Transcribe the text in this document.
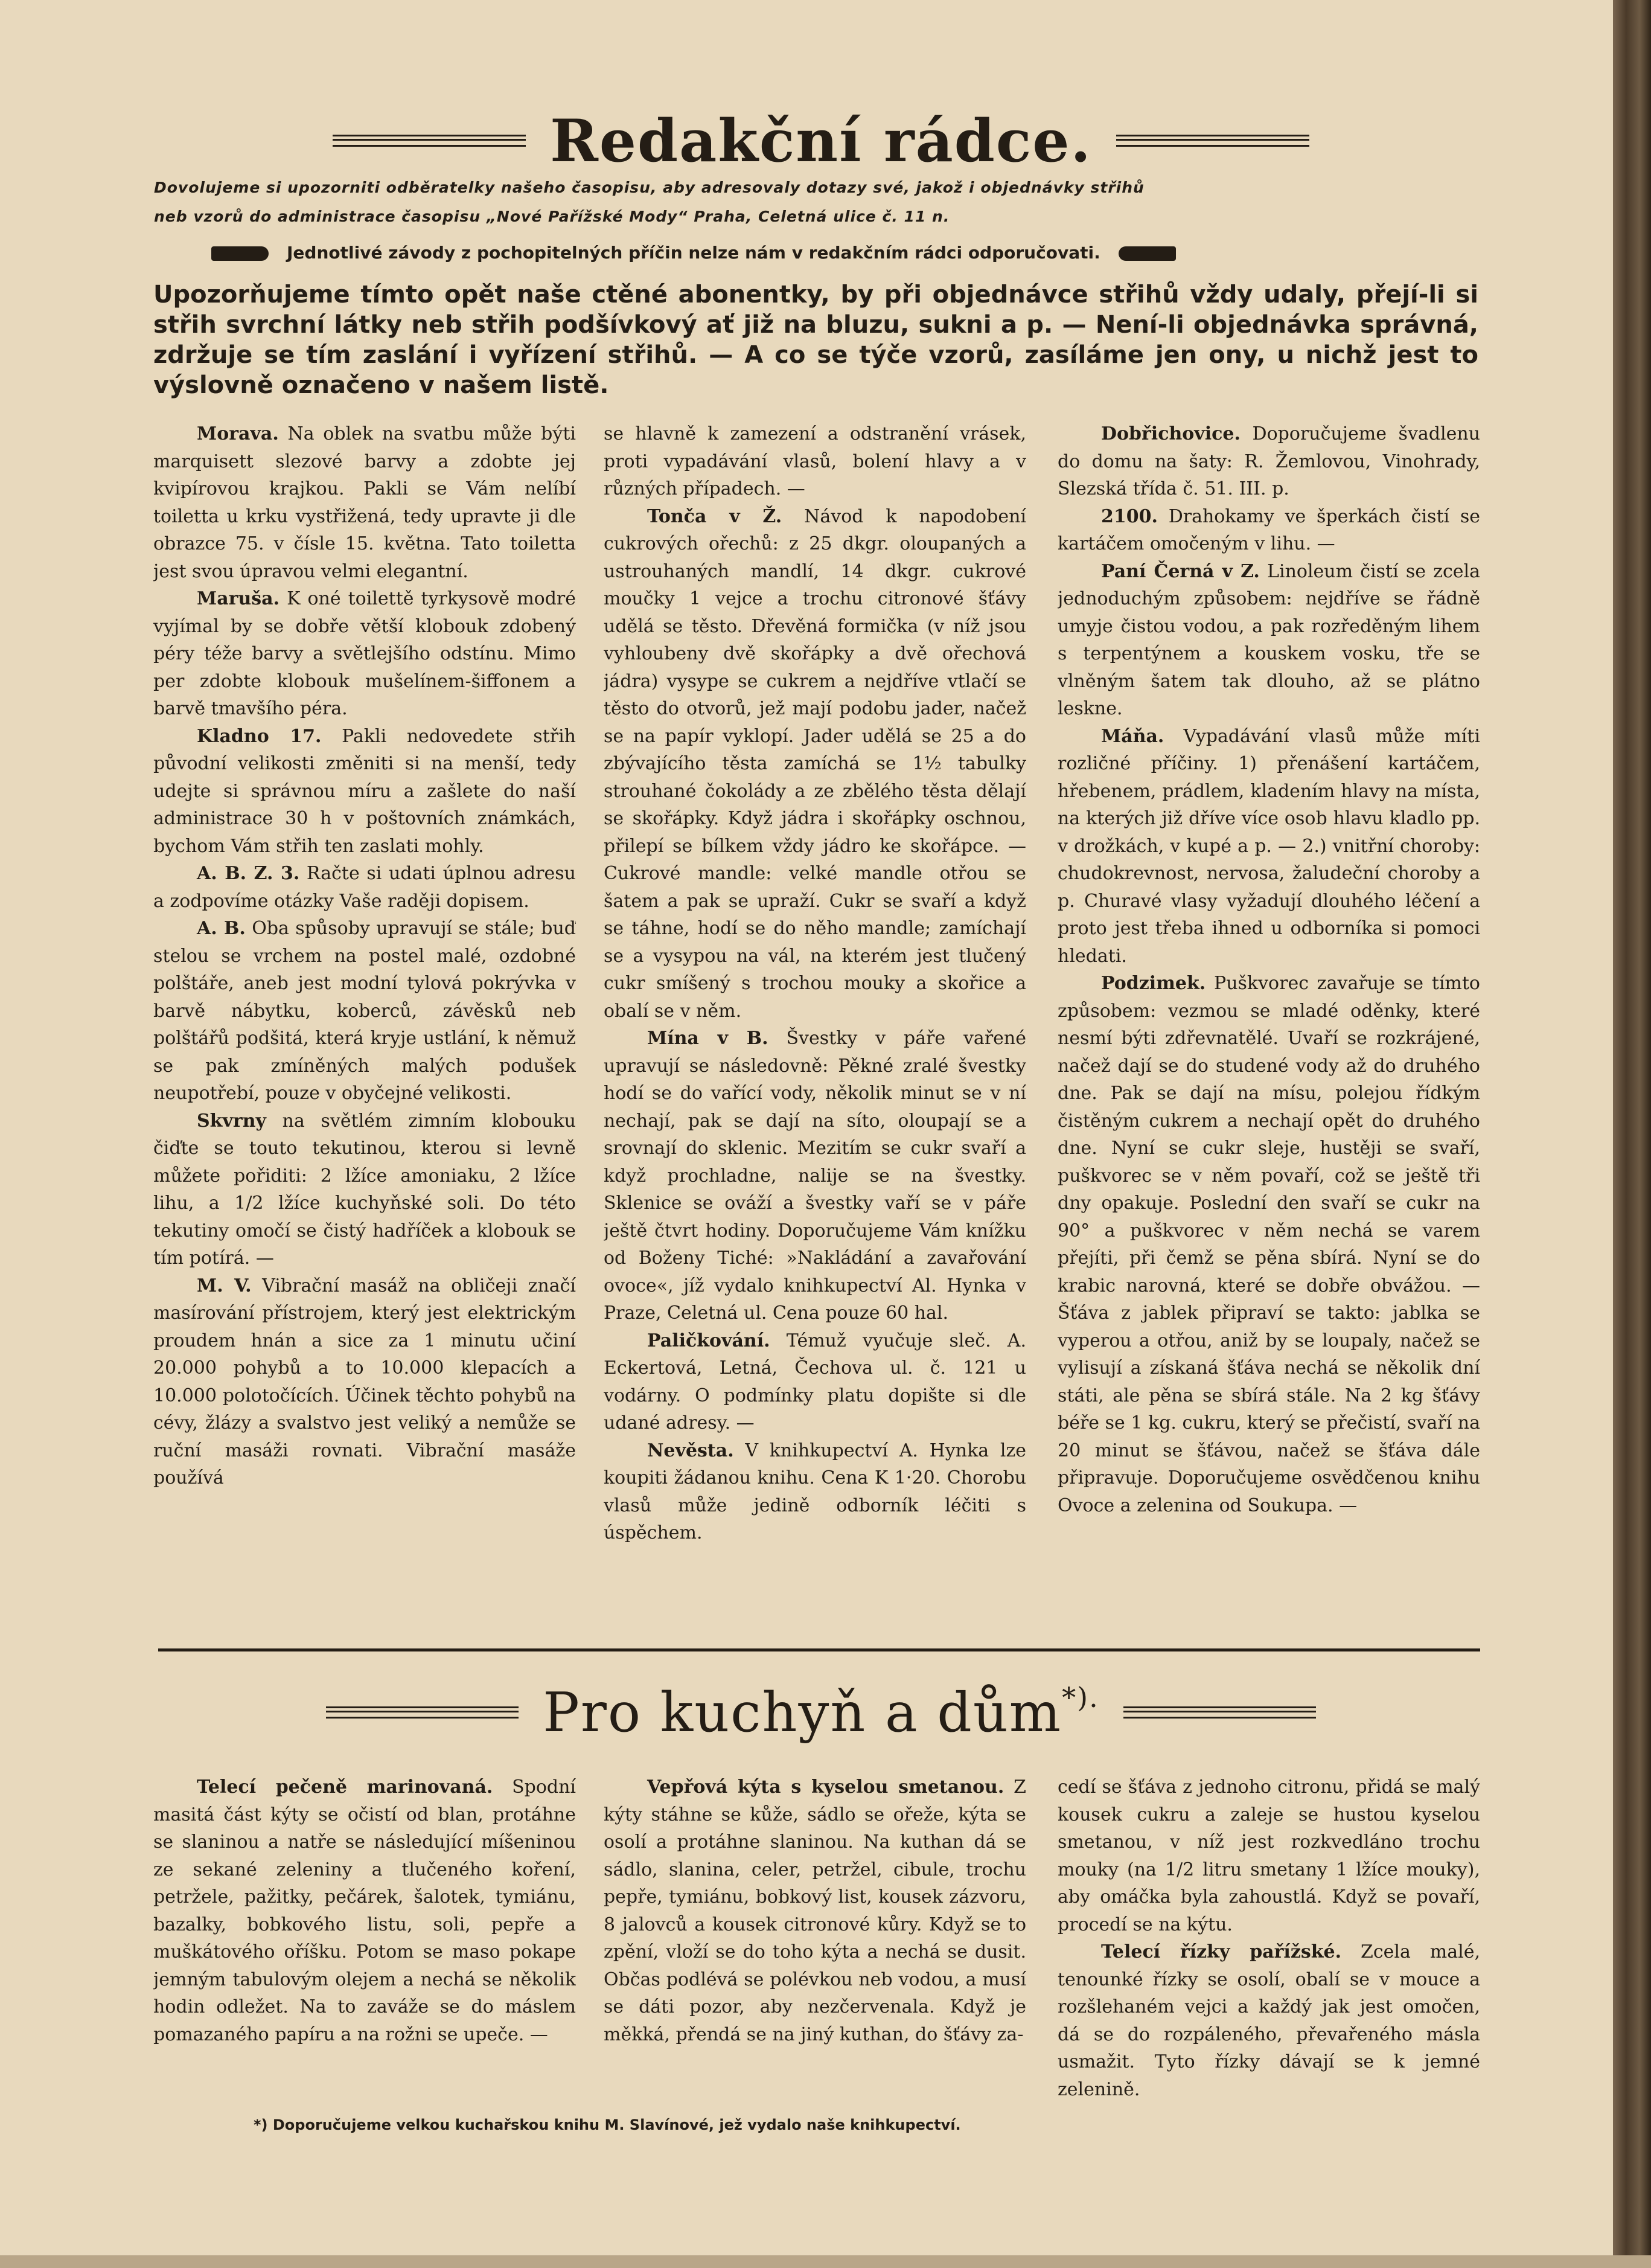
Redakční rádce.
Dovolujeme si upozorniti odběratelky našeho časopisu, aby adresovaly dotazy své, jakož i objednávky střihů
neb vzorů do administrace časopisu „Nové Pařížské Mody“ Praha, Celetná ulice č. 11 n.
Jednotlivé závody z pochopitelných příčin nelze nám v redakčním rádci odporučovati.
Upozorňujeme tímto opět naše ctěné abonentky, by při objednávce střihů vždy udaly, přejí-li si střih svrchní látky neb střih podšívkový ať již na bluzu, sukni a p. — Není-li objednávka správná, zdržuje se tím zaslání i vyřízení střihů. — A co se týče vzorů, zasíláme jen ony, u nichž jest to výslovně označeno v našem listě.

Morava. Na oblek na svatbu může býti marquisett slezové barvy a zdobte jej kvipírovou krajkou. Pakli se Vám nelíbí toiletta u krku vystřižená, tedy upravte ji dle obrazce 75. v čísle 15. května. Tato toiletta jest svou úpravou velmi elegantní.

Maruša. K oné toilettě tyrkysově modré vyjímal by se dobře větší klobouk zdobený péry téže barvy a světlejšího odstínu. Mimo per zdobte klobouk mušelínem-šiffonem a barvě tmavšího péra.

Kladno 17. Pakli nedovedete střih původní velikosti změniti si na menší, tedy udejte si správnou míru a zašlete do naší administrace 30 h v poštovních známkách, bychom Vám střih ten zaslati mohly.

A. B. Z. 3. Račte si udati úplnou adresu a zodpovíme otázky Vaše raději dopisem.

A. B. Oba spůsoby upravují se stále; buď stelou se vrchem na postel malé, ozdobné polštáře, aneb jest modní tylová pokrývka v barvě nábytku, koberců, závěsků neb polštářů podšitá, která kryje ustlání, k němuž se pak zmíněných malých podušek neupotřebí, pouze v obyčejné velikosti.

Skvrny na světlém zimním klobouku čiďte se touto tekutinou, kterou si levně můžete pořiditi: 2 lžíce amoniaku, 2 lžíce lihu, a 1/2 lžíce kuchyňské soli. Do této tekutiny omočí se čistý hadříček a klobouk se tím potírá. —

M. V. Vibrační masáž na obličeji značí masírování přístrojem, který jest elektrickým proudem hnán a sice za 1 minutu učiní 20.000 pohybů a to 10.000 klepacích a 10.000 polotočících. Účinek těchto pohybů na cévy, žlázy a svalstvo jest veliký a nemůže se ruční masáži rovnati. Vibrační masáže používá

se hlavně k zamezení a odstranění vrásek, proti vypadávání vlasů, bolení hlavy a v různých případech. —

Tonča v Ž. Návod k napodobení cukrových ořechů: z 25 dkgr. oloupaných a ustrouhaných mandlí, 14 dkgr. cukrové moučky 1 vejce a trochu citronové šťávy udělá se těsto. Dřevěná formička (v níž jsou vyhloubeny dvě skořápky a dvě ořechová jádra) vysype se cukrem a nejdříve vtlačí se těsto do otvorů, jež mají podobu jader, načež se na papír vyklopí. Jader udělá se 25 a do zbývajícího těsta zamíchá se 1½ tabulky strouhané čokolády a ze zbělého těsta dělají se skořápky. Když jádra i skořápky oschnou, přilepí se bílkem vždy jádro ke skořápce. — Cukrové mandle: velké mandle otřou se šatem a pak se upraží. Cukr se svaří a když se táhne, hodí se do něho mandle; zamíchají se a vysypou na vál, na kterém jest tlučený cukr smíšený s trochou mouky a skořice a obalí se v něm.

Mína v B. Švestky v páře vařené upravují se následovně: Pěkné zralé švestky hodí se do vařící vody, několik minut se v ní nechají, pak se dají na síto, oloupají se a srovnají do sklenic. Mezitím se cukr svaří a když prochladne, nalije se na švestky. Sklenice se ováží a švestky vaří se v páře ještě čtvrt hodiny. Doporučujeme Vám knížku od Boženy Tiché: »Nakládání a zavařování ovoce«, jíž vydalo knihkupectví Al. Hynka v Praze, Celetná ul. Cena pouze 60 hal.

Paličkování. Témuž vyučuje sleč. A. Eckertová, Letná, Čechova ul. č. 121 u vodárny. O podmínky platu dopište si dle udané adresy. —

Nevěsta. V knihkupectví A. Hynka lze koupiti žádanou knihu. Cena K 1·20. Chorobu vlasů může jedině odborník léčiti s úspěchem.

Dobřichovice. Doporučujeme švadlenu do domu na šaty: R. Žemlovou, Vinohrady, Slezská třída č. 51. III. p.

2100. Drahokamy ve šperkách čistí se kartáčem omočeným v lihu. —

Paní Černá v Z. Linoleum čistí se zcela jednoduchým způsobem: nejdříve se řádně umyje čistou vodou, a pak rozředěným lihem s terpentýnem a kouskem vosku, tře se vlněným šatem tak dlouho, až se plátno leskne.

Máňa. Vypadávání vlasů může míti rozličné příčiny. 1) přenášení kartáčem, hřebenem, prádlem, kladením hlavy na místa, na kterých již dříve více osob hlavu kladlo pp. v drožkách, v kupé a p. — 2.) vnitřní choroby: chudokrevnost, nervosa, žaludeční choroby a p. Churavé vlasy vyžadují dlouhého léčení a proto jest třeba ihned u odborníka si pomoci hledati.

Podzimek. Puškvorec zavařuje se tímto způsobem: vezmou se mladé oděnky, které nesmí býti zdřevnatělé. Uvaří se rozkrájené, načež dají se do studené vody až do druhého dne. Pak se dají na mísu, polejou řídkým čistěným cukrem a nechají opět do druhého dne. Nyní se cukr sleje, hustěji se svaří, puškvorec se v něm povaří, což se ještě tři dny opakuje. Poslední den svaří se cukr na 90° a puškvorec v něm nechá se varem přejíti, při čemž se pěna sbírá. Nyní se do krabic narovná, které se dobře obvážou. — Šťáva z jablek připraví se takto: jablka se vyperou a otřou, aniž by se loupaly, načež se vylisují a získaná šťáva nechá se několik dní státi, ale pěna se sbírá stále. Na 2 kg šťávy béře se 1 kg. cukru, který se přečistí, svaří na 20 minut se šťávou, načež se šťáva dále připravuje. Doporučujeme osvědčenou knihu Ovoce a zelenina od Soukupa. —

Pro kuchyň a dům*).

Telecí pečeně marinovaná. Spodní masitá část kýty se očistí od blan, protáhne se slaninou a natře se následující míšeninou ze sekané zeleniny a tlučeného koření, petržele, pažitky, pečárek, šalotek, tymiánu, bazalky, bobkového listu, soli, pepře a muškátového oříšku. Potom se maso pokape jemným tabulovým olejem a nechá se několik hodin odležet. Na to zaváže se do máslem pomazaného papíru a na rožni se upeče. —

Vepřová kýta s kyselou smetanou. Z kýty stáhne se kůže, sádlo se ořeže, kýta se osolí a protáhne slaninou. Na kuthan dá se sádlo, slanina, celer, petržel, cibule, trochu pepře, tymiánu, bobkový list, kousek zázvoru, 8 jalovců a kousek citronové kůry. Když se to zpění, vloží se do toho kýta a nechá se dusit. Občas podlévá se polévkou neb vodou, a musí se dáti pozor, aby nezčervenala. Když je měkká, přendá se na jiný kuthan, do šťávy za-

cedí se šťáva z jednoho citronu, přidá se malý kousek cukru a zaleje se hustou kyselou smetanou, v níž jest rozkvedláno trochu mouky (na 1/2 litru smetany 1 lžíce mouky), aby omáčka byla zahoustlá. Když se povaří, procedí se na kýtu.

Telecí řízky pařížské. Zcela malé, tenounké řízky se osolí, obalí se v mouce a rozšlehaném vejci a každý jak jest omočen, dá se do rozpáleného, převařeného másla usmažit. Tyto řízky dávají se k jemné zelenině.

*) Doporučujeme velkou kuchařskou knihu M. Slavínové, jež vydalo naše knihkupectví.
